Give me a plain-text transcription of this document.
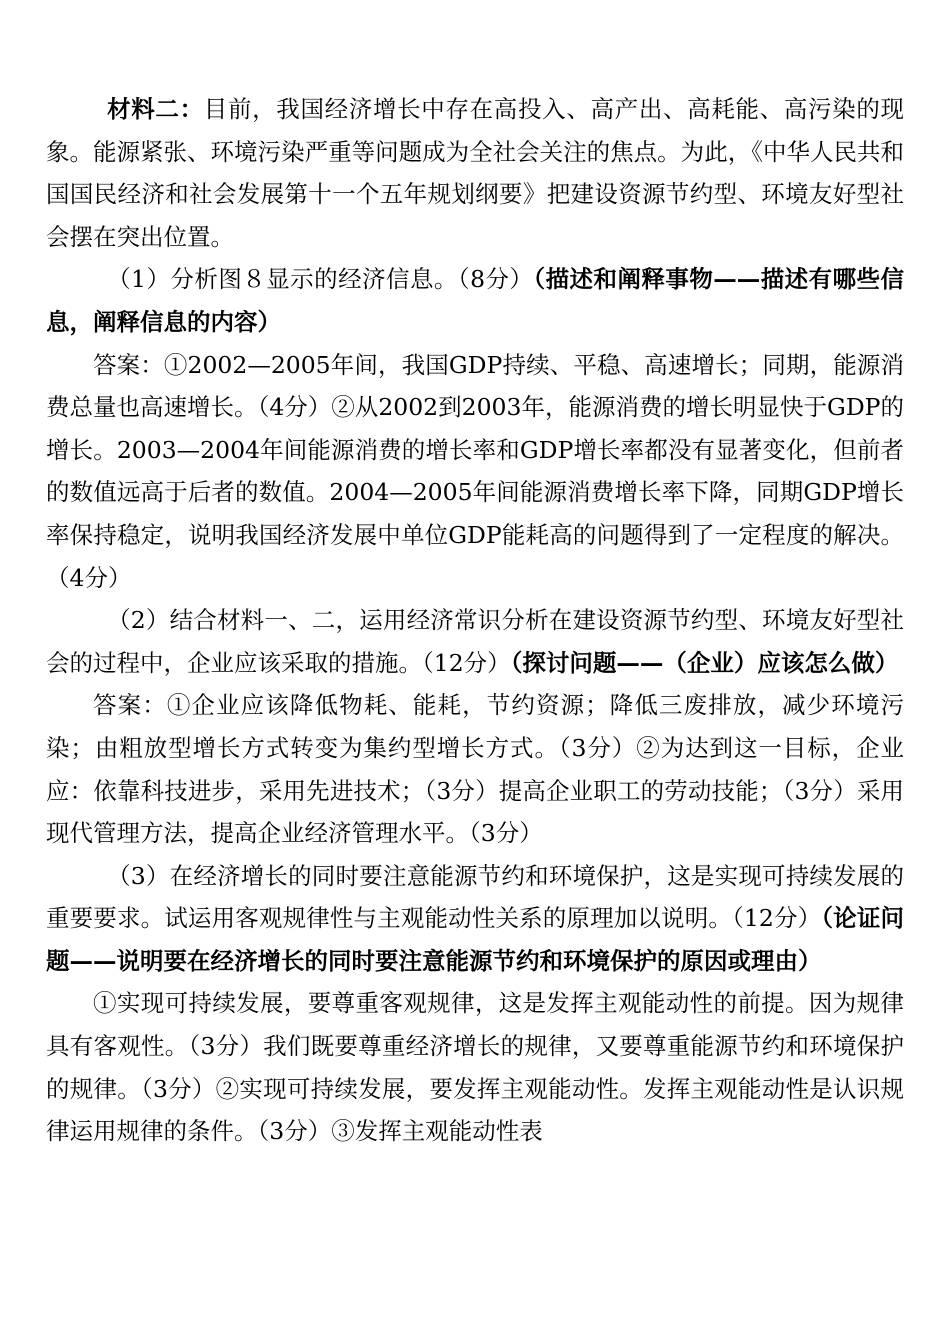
材料二：目前，我国经济增长中存在高投入、高产出、高耗能、高污染的现象。能源紧张、环境污染严重等问题成为全社会关注的焦点。为此，《中华人民共和国国民经济和社会发展第十一个五年规划纲要》把建设资源节约型、环境友好型社会摆在突出位置。

（1）分析图８显示的经济信息。（8分）（描述和阐释事物——描述有哪些信息，阐释信息的内容）

答案：①2002—2005年间，我国GDP持续、平稳、高速增长；同期，能源消费总量也高速增长。（4分）②从2002到2003年，能源消费的增长明显快于GDP的增长。2003—2004年间能源消费的增长率和GDP增长率都没有显著变化，但前者的数值远高于后者的数值。2004—2005年间能源消费增长率下降，同期GDP增长率保持稳定，说明我国经济发展中单位GDP能耗高的问题得到了一定程度的解决。（4分）

（2）结合材料一、二，运用经济常识分析在建设资源节约型、环境友好型社会的过程中，企业应该采取的措施。（12分）（探讨问题——（企业）应该怎么做）

答案：①企业应该降低物耗、能耗，节约资源；降低三废排放，减少环境污染；由粗放型增长方式转变为集约型增长方式。（3分）②为达到这一目标，企业应：依靠科技进步，采用先进技术；（3分）提高企业职工的劳动技能；（3分）采用现代管理方法，提高企业经济管理水平。（3分）

（3）在经济增长的同时要注意能源节约和环境保护，这是实现可持续发展的重要要求。试运用客观规律性与主观能动性关系的原理加以说明。（12分）（论证问题——说明要在经济增长的同时要注意能源节约和环境保护的原因或理由）

①实现可持续发展，要尊重客观规律，这是发挥主观能动性的前提。因为规律具有客观性。（3分）我们既要尊重经济增长的规律，又要尊重能源节约和环境保护的规律。（3分）②实现可持续发展，要发挥主观能动性。发挥主观能动性是认识规律运用规律的条件。（3分）③发挥主观能动性表
